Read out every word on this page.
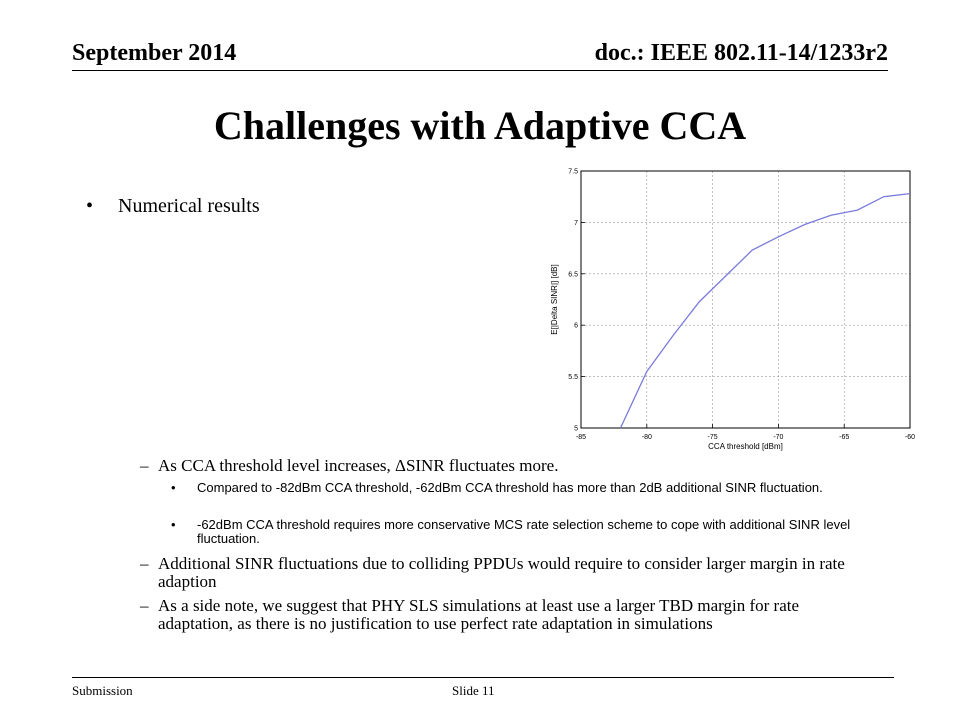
September 2014	doc.: IEEE 802.11-14/1233r2
Challenges with Adaptive CCA
• Numerical results
-85	-80	-75	-70	-65	-60
5
5.5
6
6.5
7
7.5
CCA threshold [dBm]
E[|Delta SINR|] [dB]
– As CCA threshold level increases, ΔSINR fluctuates more.
• Compared to -82dBm CCA threshold, -62dBm CCA threshold has more than 2dB additional SINR fluctuation.
• -62dBm CCA threshold requires more conservative MCS rate selection scheme to cope with additional SINR level fluctuation.
– Additional SINR fluctuations due to colliding PPDUs would require to consider larger margin in rate adaption
– As a side note, we suggest that PHY SLS simulations at least use a larger TBD margin for rate adaptation, as there is no justification to use perfect rate adaptation in simulations
Submission	Slide 11
